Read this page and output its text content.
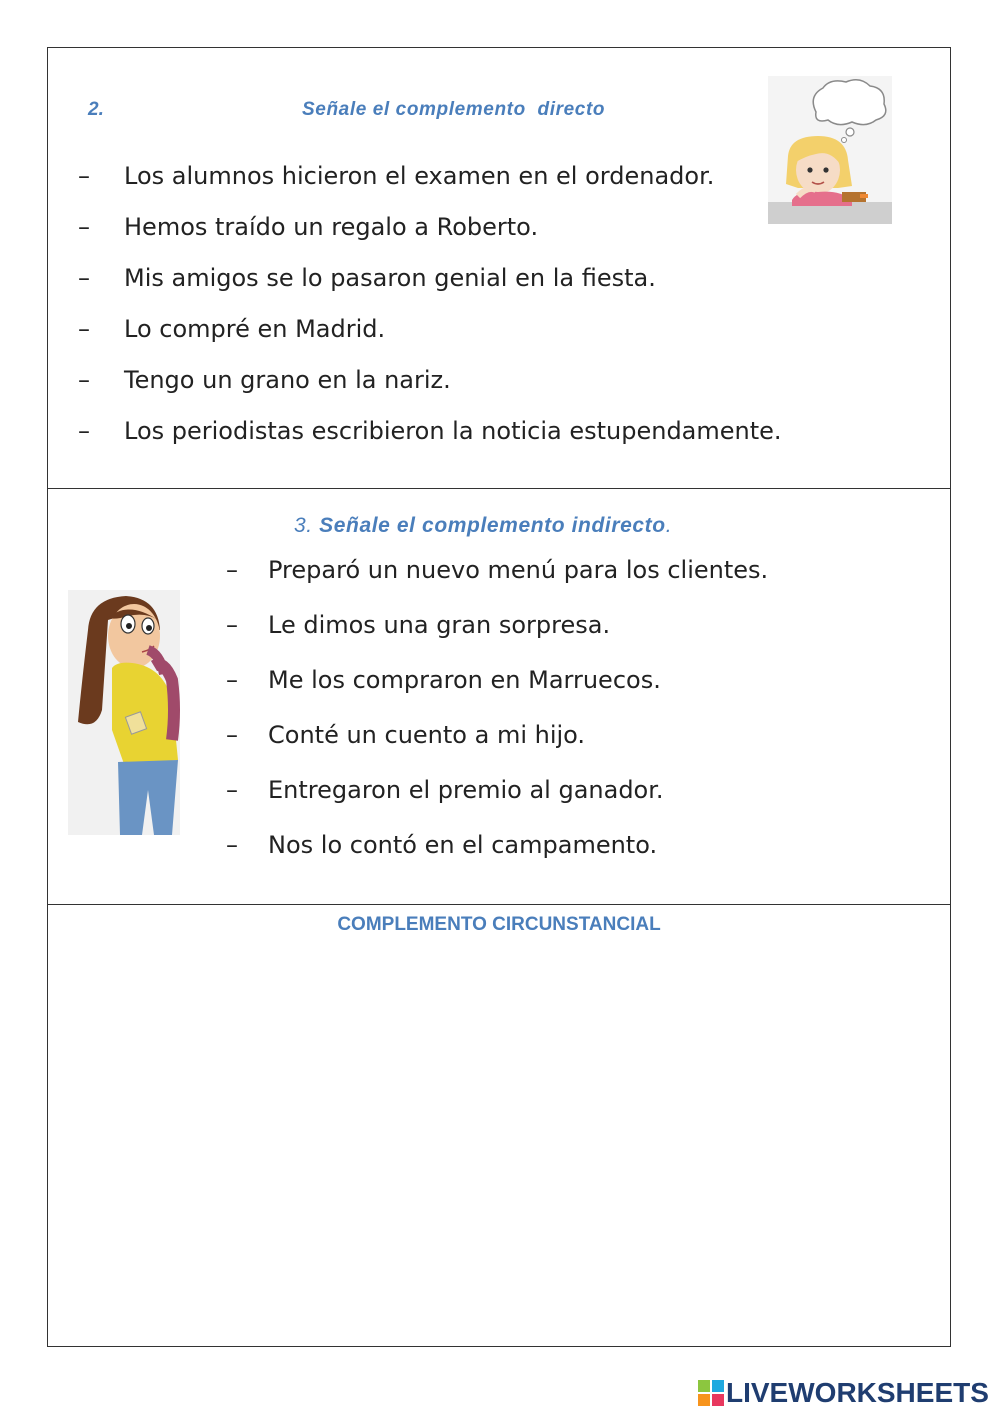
2.	Señale el complemento  directo
– Los alumnos hicieron el examen en el ordenador.
– Hemos traído un regalo a Roberto.
– Mis amigos se lo pasaron genial en la fiesta.
– Lo compré en Madrid.
– Tengo un grano en la nariz.
– Los periodistas escribieron la noticia estupendamente.
3. Señale el complemento indirecto.
– Preparó un nuevo menú para los clientes.
– Le dimos una gran sorpresa.
– Me los compraron en Marruecos.
– Conté un cuento a mi hijo.
– Entregaron el premio al ganador.
– Nos lo contó en el campamento.
COMPLEMENTO CIRCUNSTANCIAL
LIVEWORKSHEETS
